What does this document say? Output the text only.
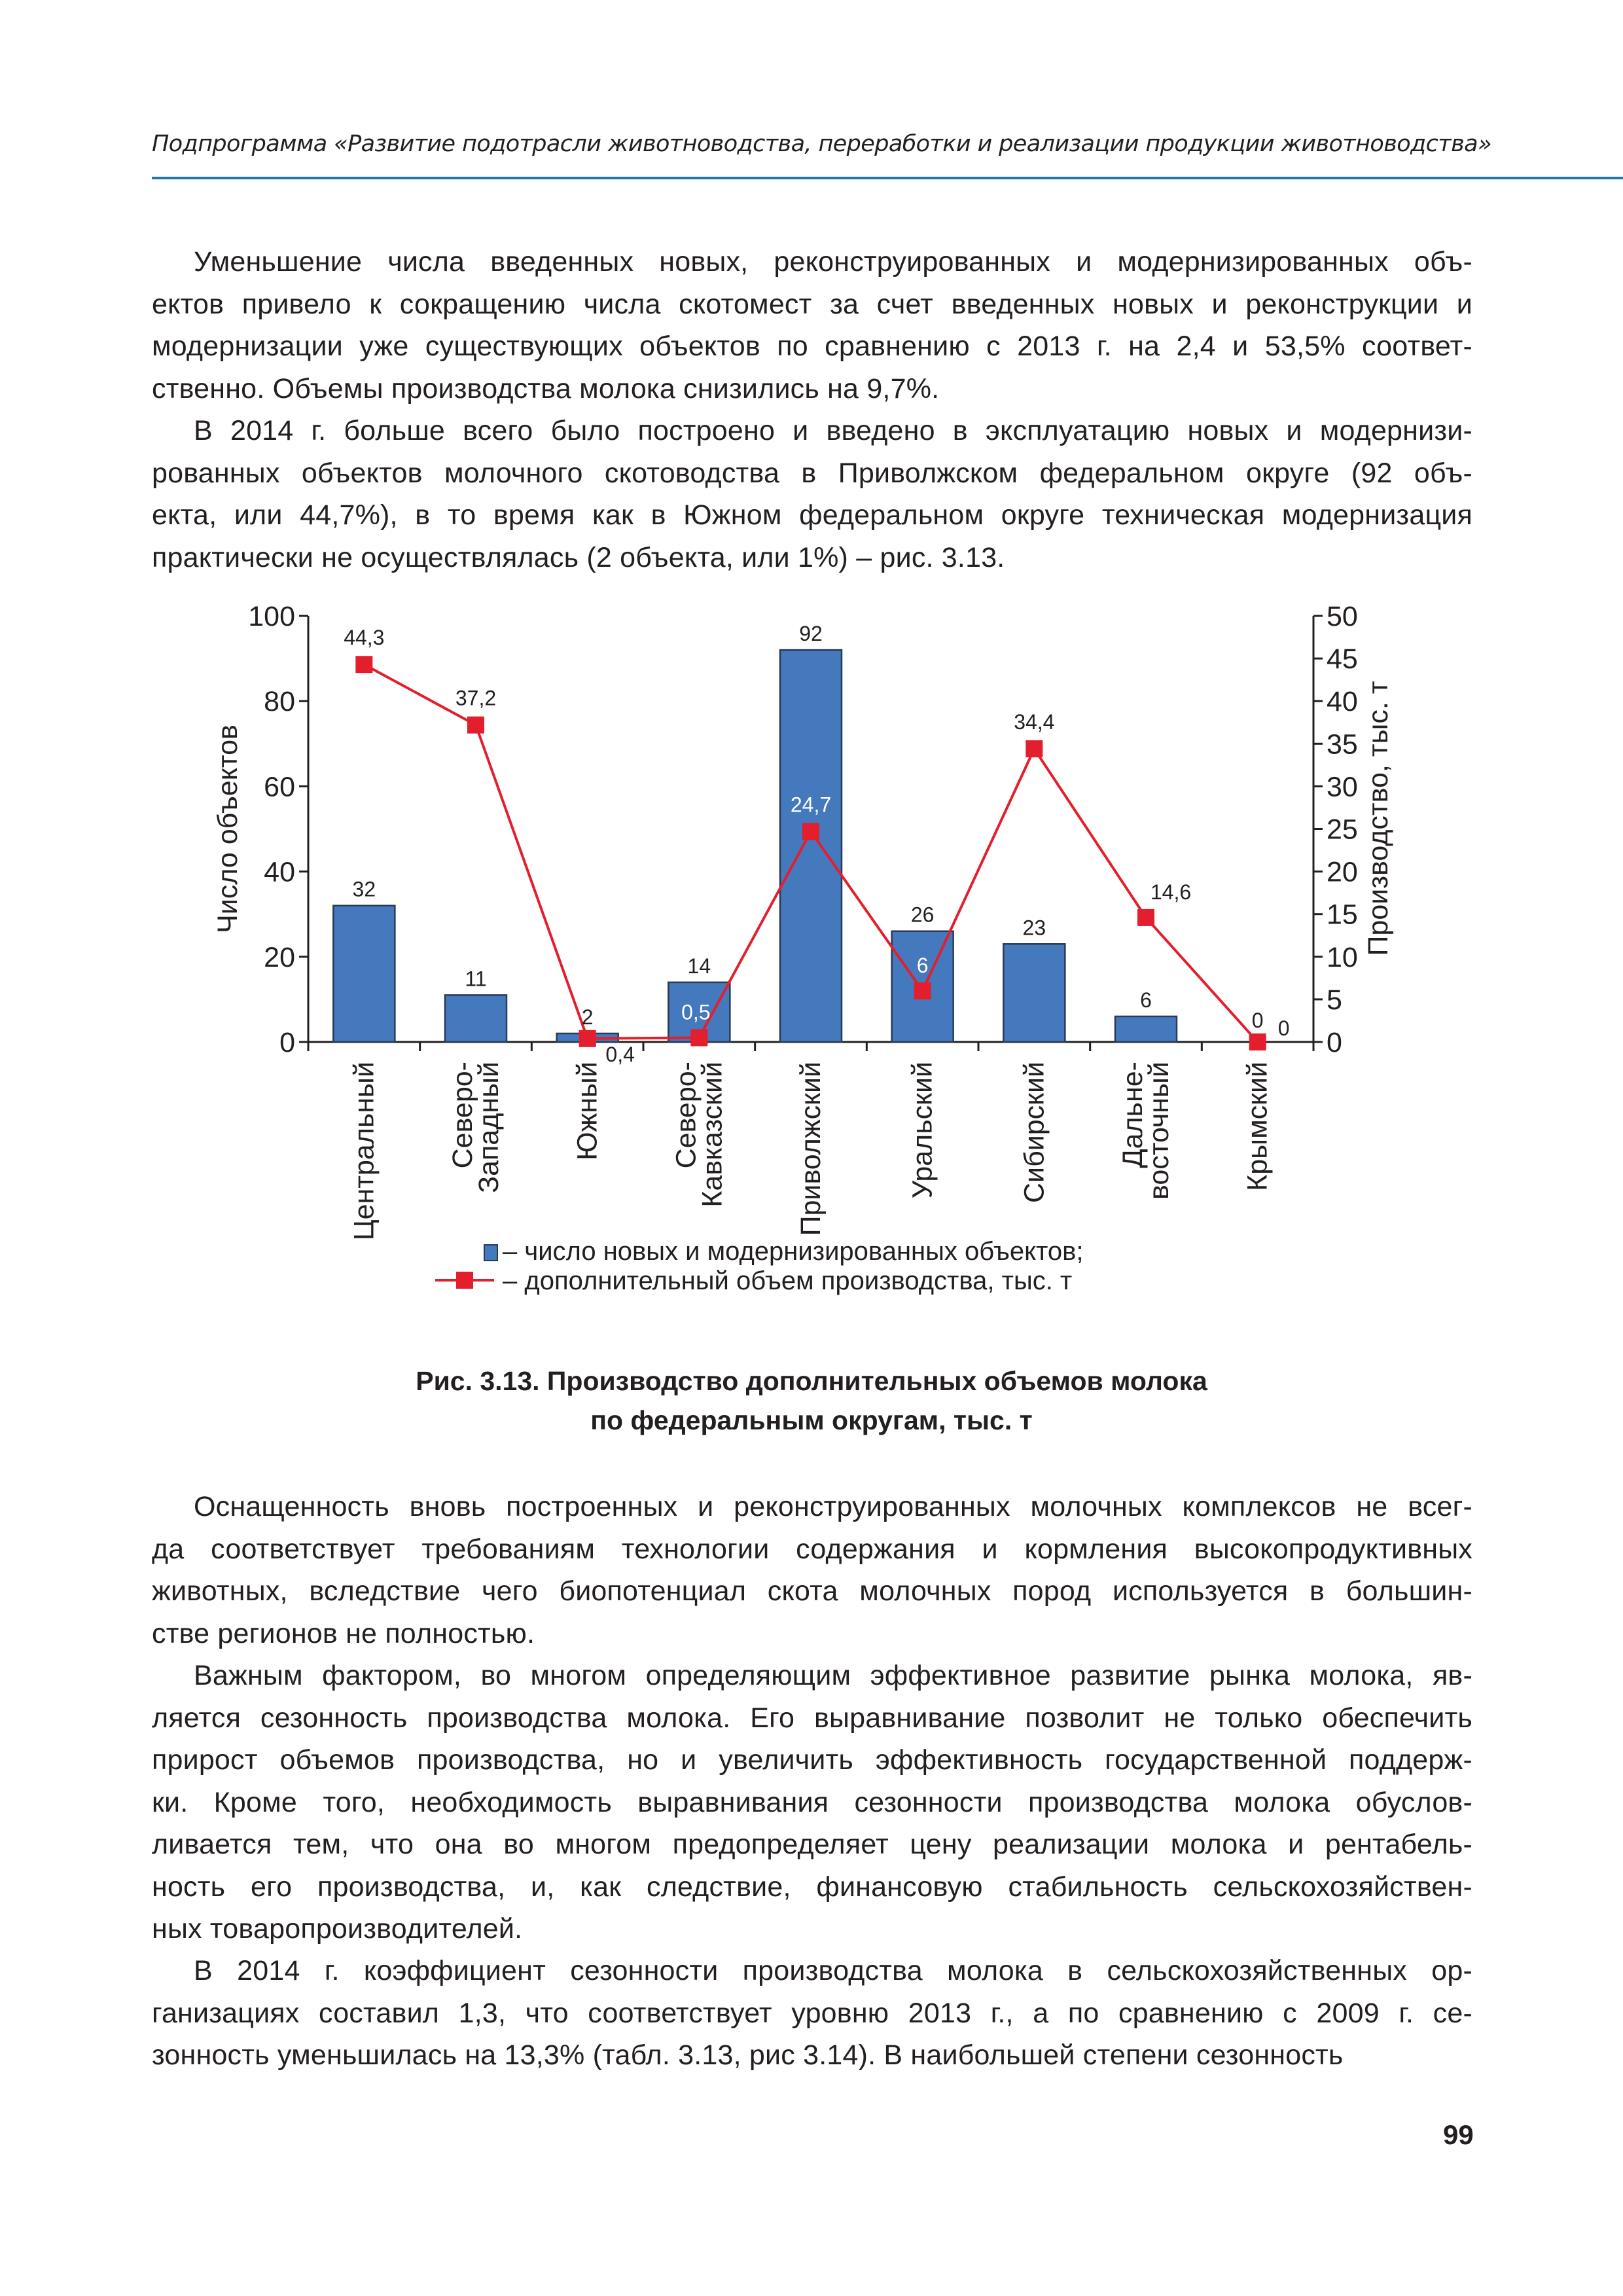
Подпрограмма «Развитие подотрасли животноводства, переработки и реализации продукции животноводства»
Уменьшение числа введенных новых, реконструированных и модернизированных объ-
ектов привело к сокращению числа скотомест за счет введенных новых и реконструкции и
модернизации уже существующих объектов по сравнению с 2013 г. на 2,4 и 53,5% соответ-
ственно. Объемы производства молока снизились на 9,7%.
В 2014 г. больше всего было построено и введено в эксплуатацию новых и модернизи-
рованных объектов молочного скотоводства в Приволжском федеральном округе (92 объ-
екта, или 44,7%), в то время как в Южном федеральном округе техническая модернизация
практически не осуществлялась (2 объекта, или 1%) – рис. 3.13.
0
20
40
60
80
100
Число объектов
0
5
10
15
20
25
30
35
40
45
50
Производство, тыс. т
Центральный Северо-
Западный Южный Северо-
Кавказский Приволжский	Уральский	Сибирский Дальне-
восточный Крымский
32
11
2
14
92
26
23
6
0
44,3
37,2
0,4
0,5
24,7
6
34,4
14,6
0
– число новых и модернизированных объектов;
– дополнительный объем производства, тыс. т
Рис. 3.13. Производство дополнительных объемов молока
по федеральным округам, тыс. т
Оснащенность вновь построенных и реконструированных молочных комплексов не всег-
да соответствует требованиям технологии содержания и кормления высокопродуктивных
животных, вследствие чего биопотенциал скота молочных пород используется в большин-
стве регионов не полностью.
Важным фактором, во многом определяющим эффективное развитие рынка молока, яв-
ляется сезонность производства молока. Его выравнивание позволит не только обеспечить
прирост объемов производства, но и увеличить эффективность государственной поддерж-
ки. Кроме того, необходимость выравнивания сезонности производства молока обуслов-
ливается тем, что она во многом предопределяет цену реализации молока и рентабель-
ность его производства, и, как следствие, финансовую стабильность сельскохозяйствен-
ных товаропроизводителей.
В 2014 г. коэффициент сезонности производства молока в сельскохозяйственных ор-
ганизациях составил 1,3, что соответствует уровню 2013 г., а по сравнению с 2009 г. се-
зонность уменьшилась на 13,3% (табл. 3.13, рис 3.14). В наибольшей степени сезонность
99
